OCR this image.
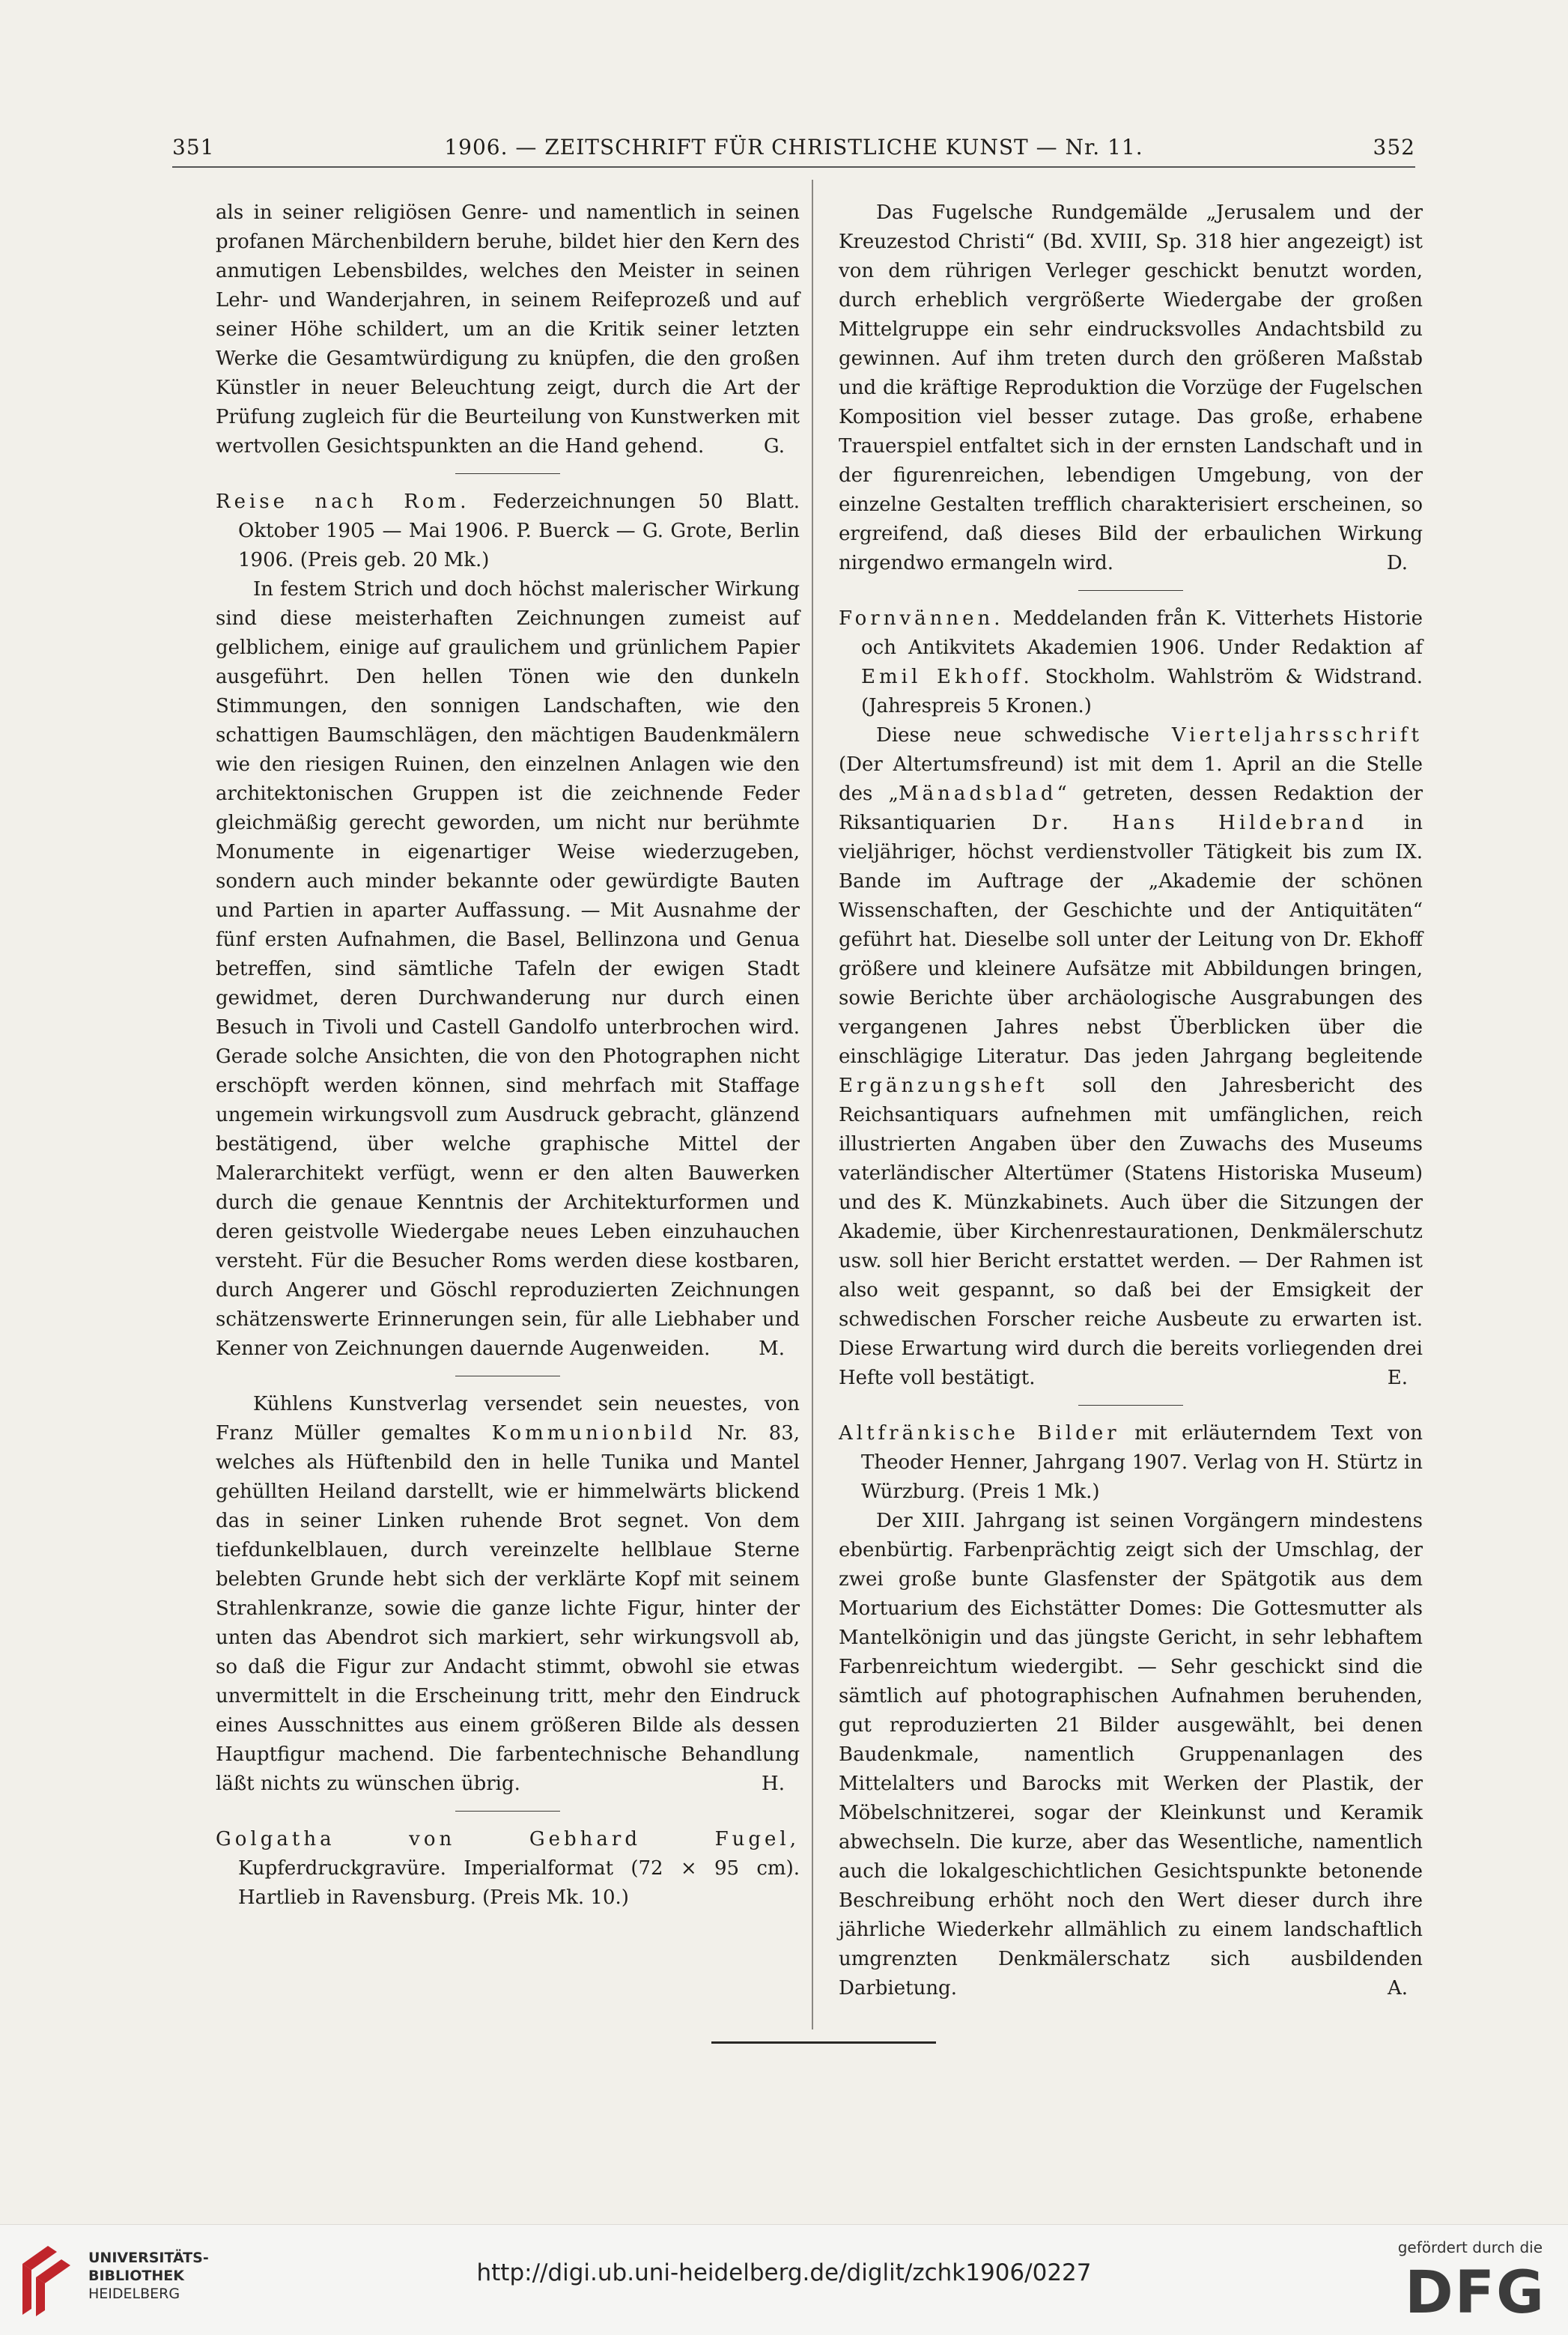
351	1906. — ZEITSCHRIFT FÜR CHRISTLICHE KUNST — Nr. 11.	352

als in seiner religiösen Genre- und namentlich in seinen profanen Märchenbildern beruhe, bildet hier den Kern des anmutigen Lebensbildes, welches den Meister in seinen Lehr- und Wanderjahren, in seinem Reifeprozeß und auf seiner Höhe schildert, um an die Kritik seiner letzten Werke die Gesamtwürdigung zu knüpfen, die den großen Künstler in neuer Beleuchtung zeigt, durch die Art der Prüfung zugleich für die Beurteilung von Kunstwerken mit wertvollen Gesichtspunkten an die Hand gehend.	G.

Reise nach Rom. Federzeichnungen 50 Blatt. Oktober 1905 — Mai 1906. P. Buerck — G. Grote, Berlin 1906. (Preis geb. 20 Mk.)

In festem Strich und doch höchst malerischer Wirkung sind diese meisterhaften Zeichnungen zumeist auf gelblichem, einige auf graulichem und grünlichem Papier ausgeführt. Den hellen Tönen wie den dunkeln Stimmungen, den sonnigen Landschaften, wie den schattigen Baumschlägen, den mächtigen Baudenkmälern wie den riesigen Ruinen, den einzelnen Anlagen wie den architektonischen Gruppen ist die zeichnende Feder gleichmäßig gerecht geworden, um nicht nur berühmte Monumente in eigenartiger Weise wiederzugeben, sondern auch minder bekannte oder gewürdigte Bauten und Partien in aparter Auffassung. — Mit Ausnahme der fünf ersten Aufnahmen, die Basel, Bellinzona und Genua betreffen, sind sämtliche Tafeln der ewigen Stadt gewidmet, deren Durchwanderung nur durch einen Besuch in Tivoli und Castell Gandolfo unterbrochen wird. Gerade solche Ansichten, die von den Photographen nicht erschöpft werden können, sind mehrfach mit Staffage ungemein wirkungsvoll zum Ausdruck gebracht, glänzend bestätigend, über welche graphische Mittel der Malerarchitekt verfügt, wenn er den alten Bauwerken durch die genaue Kenntnis der Architekturformen und deren geistvolle Wiedergabe neues Leben einzuhauchen versteht. Für die Besucher Roms werden diese kostbaren, durch Angerer und Göschl reproduzierten Zeichnungen schätzenswerte Erinnerungen sein, für alle Liebhaber und Kenner von Zeichnungen dauernde Augenweiden.	M.

Kühlens Kunstverlag versendet sein neuestes, von Franz Müller gemaltes Kommunionbild Nr. 83, welches als Hüftenbild den in helle Tunika und Mantel gehüllten Heiland darstellt, wie er himmelwärts blickend das in seiner Linken ruhende Brot segnet. Von dem tiefdunkelblauen, durch vereinzelte hellblaue Sterne belebten Grunde hebt sich der verklärte Kopf mit seinem Strahlenkranze, sowie die ganze lichte Figur, hinter der unten das Abendrot sich markiert, sehr wirkungsvoll ab, so daß die Figur zur Andacht stimmt, obwohl sie etwas unvermittelt in die Erscheinung tritt, mehr den Eindruck eines Ausschnittes aus einem größeren Bilde als dessen Hauptfigur machend. Die farbentechnische Behandlung läßt nichts zu wünschen übrig.	H.

Golgatha von Gebhard Fugel, Kupferdruckgravüre. Imperialformat (72 × 95 cm). Hartlieb in Ravensburg. (Preis Mk. 10.)

Das Fugelsche Rundgemälde „Jerusalem und der Kreuzestod Christi“ (Bd. XVIII, Sp. 318 hier angezeigt) ist von dem rührigen Verleger geschickt benutzt worden, durch erheblich vergrößerte Wiedergabe der großen Mittelgruppe ein sehr eindrucksvolles Andachtsbild zu gewinnen. Auf ihm treten durch den größeren Maßstab und die kräftige Reproduktion die Vorzüge der Fugelschen Komposition viel besser zutage. Das große, erhabene Trauerspiel entfaltet sich in der ernsten Landschaft und in der figurenreichen, lebendigen Umgebung, von der einzelne Gestalten trefflich charakterisiert erscheinen, so ergreifend, daß dieses Bild der erbaulichen Wirkung nirgendwo ermangeln wird.	D.

Fornvännen. Meddelanden från K. Vitterhets Historie och Antikvitets Akademien 1906. Under Redaktion af Emil Ekhoff. Stockholm. Wahlström & Widstrand. (Jahrespreis 5 Kronen.)

Diese neue schwedische Vierteljahrsschrift (Der Altertumsfreund) ist mit dem 1. April an die Stelle des „Mänadsblad“ getreten, dessen Redaktion der Riksantiquarien Dr. Hans Hildebrand in vieljähriger, höchst verdienstvoller Tätigkeit bis zum IX. Bande im Auftrage der „Akademie der schönen Wissenschaften, der Geschichte und der Antiquitäten“ geführt hat. Dieselbe soll unter der Leitung von Dr. Ekhoff größere und kleinere Aufsätze mit Abbildungen bringen, sowie Berichte über archäologische Ausgrabungen des vergangenen Jahres nebst Überblicken über die einschlägige Literatur. Das jeden Jahrgang begleitende Ergänzungsheft soll den Jahresbericht des Reichsantiquars aufnehmen mit umfänglichen, reich illustrierten Angaben über den Zuwachs des Museums vaterländischer Altertümer (Statens Historiska Museum) und des K. Münzkabinets. Auch über die Sitzungen der Akademie, über Kirchenrestaurationen, Denkmälerschutz usw. soll hier Bericht erstattet werden. — Der Rahmen ist also weit gespannt, so daß bei der Emsigkeit der schwedischen Forscher reiche Ausbeute zu erwarten ist. Diese Erwartung wird durch die bereits vorliegenden drei Hefte voll bestätigt.	E.

Altfränkische Bilder mit erläuterndem Text von Theoder Henner, Jahrgang 1907. Verlag von H. Stürtz in Würzburg. (Preis 1 Mk.)

Der XIII. Jahrgang ist seinen Vorgängern mindestens ebenbürtig. Farbenprächtig zeigt sich der Umschlag, der zwei große bunte Glasfenster der Spätgotik aus dem Mortuarium des Eichstätter Domes: Die Gottesmutter als Mantelkönigin und das jüngste Gericht, in sehr lebhaftem Farbenreichtum wiedergibt. — Sehr geschickt sind die sämtlich auf photographischen Aufnahmen beruhenden, gut reproduzierten 21 Bilder ausgewählt, bei denen Baudenkmale, namentlich Gruppenanlagen des Mittelalters und Barocks mit Werken der Plastik, der Möbelschnitzerei, sogar der Kleinkunst und Keramik abwechseln. Die kurze, aber das Wesentliche, namentlich auch die lokalgeschichtlichen Gesichtspunkte betonende Beschreibung erhöht noch den Wert dieser durch ihre jährliche Wiederkehr allmählich zu einem landschaftlich umgrenzten Denkmälerschatz sich ausbildenden Darbietung.	A.

UNIVERSITÄTS-
BIBLIOTHEK
HEIDELBERG
http://digi.ub.uni-heidelberg.de/diglit/zchk1906/0227
gefördert durch die
DFG
